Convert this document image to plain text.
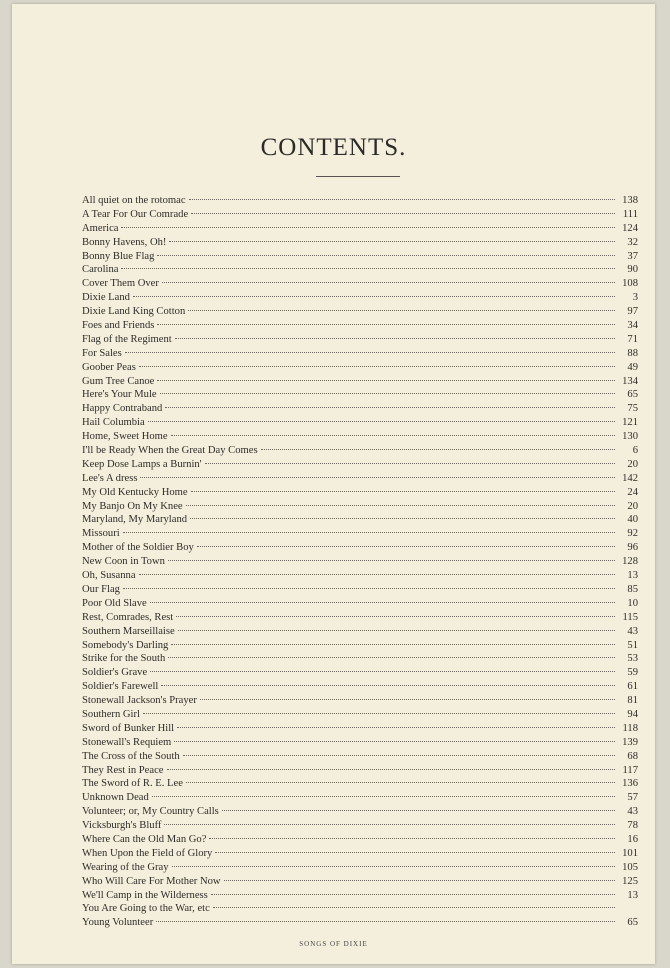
CONTENTS.
All quiet on the rotomac	138
A Tear For Our Comrade	111
America	124
Bonny Havens, Oh!	32
Bonny Blue Flag	37
Carolina	90
Cover Them Over	108
Dixie Land	3
Dixie Land King Cotton	97
Foes and Friends	34
Flag of the Regiment	71
For Sales	88
Goober Peas	49
Gum Tree Canoe	134
Here's Your Mule	65
Happy Contraband	75
Hail Columbia	121
Home, Sweet Home	130
I'll be Ready When the Great Day Comes	6
Keep Dose Lamps a Burnin'	20
Lee's A dress	142
My Old Kentucky Home	24
My Banjo On My Knee	20
Maryland, My Maryland	40
Missouri	92
Mother of the Soldier Boy	96
New Coon in Town	128
Oh, Susanna	13
Our Flag	85
Poor Old Slave	10
Rest, Comrades, Rest	115
Southern Marseillaise	43
Somebody's Darling	51
Strike for the South	53
Soldier's Grave	59
Soldier's Farewell	61
Stonewall Jackson's Prayer	81
Southern Girl	94
Sword of Bunker Hill	118
Stonewall's Requiem	139
The Cross of the South	68
They Rest in Peace	117
The Sword of R. E. Lee	136
Unknown Dead	57
Volunteer; or, My Country Calls	43
Vicksburgh's Bluff	78
Where Can the Old Man Go?	16
When Upon the Field of Glory	101
Wearing of the Gray	105
Who Will Care For Mother Now	125
We'll Camp in the Wilderness	13
You Are Going to the War, etc
Young Volunteer	65
SONGS OF DIXIE
